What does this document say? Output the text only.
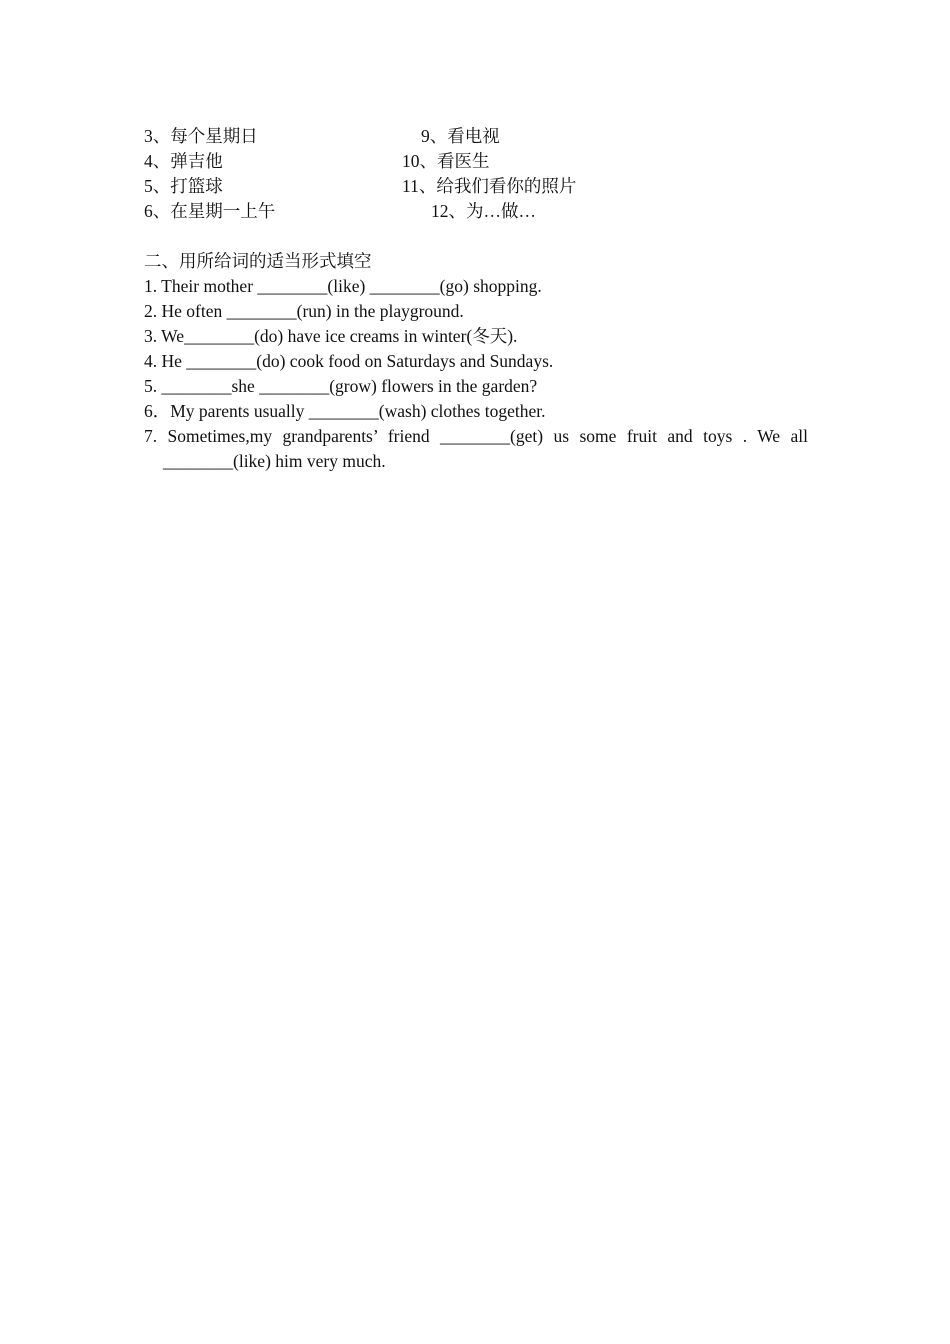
3、每个星期日	9、看电视
4、弹吉他	10、看医生
5、打篮球	11、给我们看你的照片
6、在星期一上午	12、为…做…
二、用所给词的适当形式填空
1. Their mother ________(like) ________(go) shopping.
2. He often ________(run) in the playground.
3. We________(do) have ice creams in winter(冬天).
4. He ________(do) cook food on Saturdays and Sundays.
5. ________she ________(grow) flowers in the garden?
6．My parents usually ________(wash) clothes together.
7. Sometimes,my grandparents’ friend ________(get) us some fruit and toys . We all ________(like) him very much.
